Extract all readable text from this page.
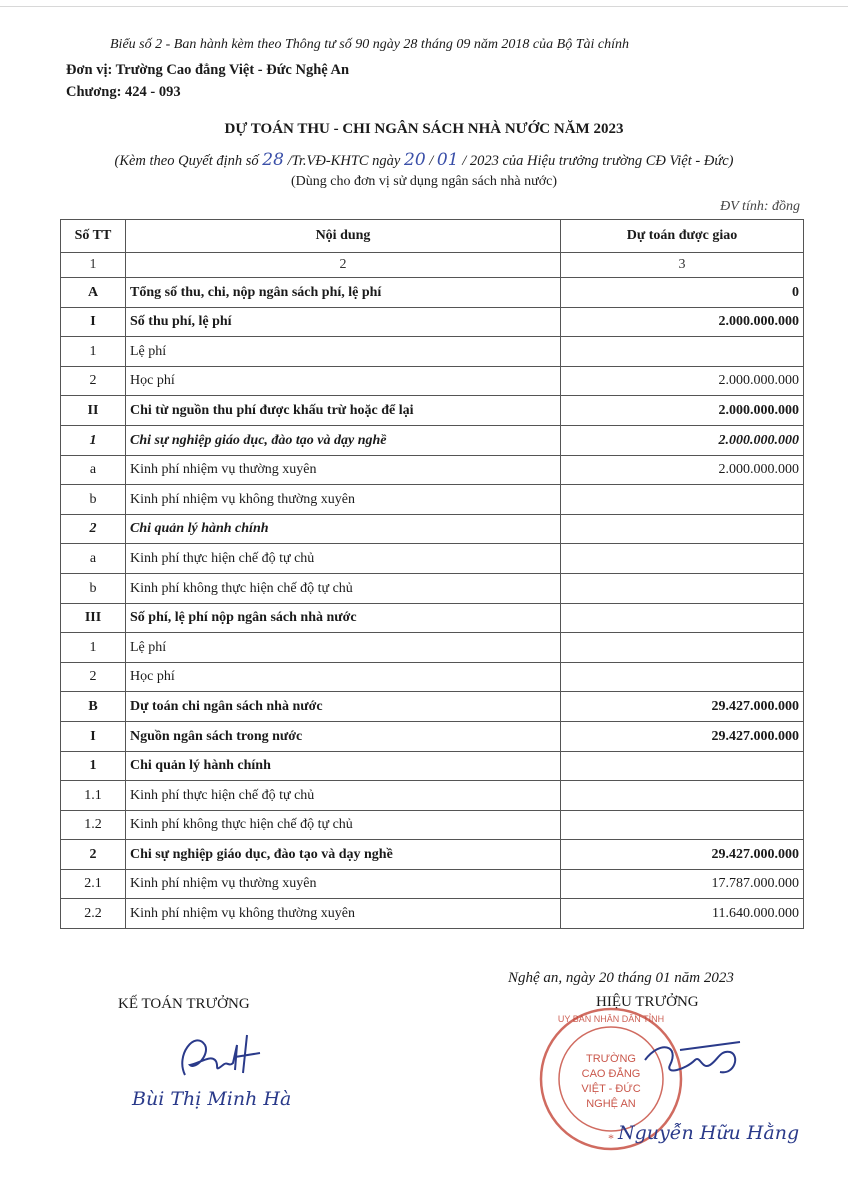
Biểu số 2 - Ban hành kèm theo Thông tư số 90 ngày 28 tháng 09 năm 2018 của Bộ Tài chính
Đơn vị: Trường Cao đẳng Việt - Đức Nghệ An
Chương: 424 - 093
DỰ TOÁN THU - CHI NGÂN SÁCH NHÀ NƯỚC NĂM 2023
(Kèm theo Quyết định số 28 /Tr.VĐ-KHTC ngày 20 / 01 / 2023 của Hiệu trưởng trường CĐ Việt - Đức)
(Dùng cho đơn vị sử dụng ngân sách nhà nước)
ĐV tính: đồng
Số TT	Nội dung	Dự toán được giao
1	2	3
A	Tổng số thu, chi, nộp ngân sách phí, lệ phí	0
I	Số thu phí, lệ phí	2.000.000.000
1	Lệ phí	
2	Học phí	2.000.000.000
II	Chi từ nguồn thu phí được khấu trừ hoặc để lại	2.000.000.000
1	Chi sự nghiệp giáo dục, đào tạo và dạy nghề	2.000.000.000
a	Kinh phí nhiệm vụ thường xuyên	2.000.000.000
b	Kinh phí nhiệm vụ không thường xuyên	
2	Chi quản lý hành chính	
a	Kinh phí thực hiện chế độ tự chủ	
b	Kinh phí không thực hiện chế độ tự chủ	
III	Số phí, lệ phí nộp ngân sách nhà nước	
1	Lệ phí	
2	Học phí	
B	Dự toán chi ngân sách nhà nước	29.427.000.000
I	Nguồn ngân sách trong nước	29.427.000.000
1	Chi quản lý hành chính	
1.1	Kinh phí thực hiện chế độ tự chủ	
1.2	Kinh phí không thực hiện chế độ tự chủ	
2	Chi sự nghiệp giáo dục, đào tạo và dạy nghề	29.427.000.000
2.1	Kinh phí nhiệm vụ thường xuyên	17.787.000.000
2.2	Kinh phí nhiệm vụ không thường xuyên	11.640.000.000
Nghệ an, ngày 20 tháng 01 năm 2023
KẾ TOÁN TRƯỞNG	HIỆU TRƯỞNG
Bùi Thị Minh Hà
UY BAN NHÂN DÂN TỈNH
TRƯỜNG
CAO ĐẲNG
VIỆT - ĐỨC
NGHỆ AN
* Nguyễn Hữu Hằng
